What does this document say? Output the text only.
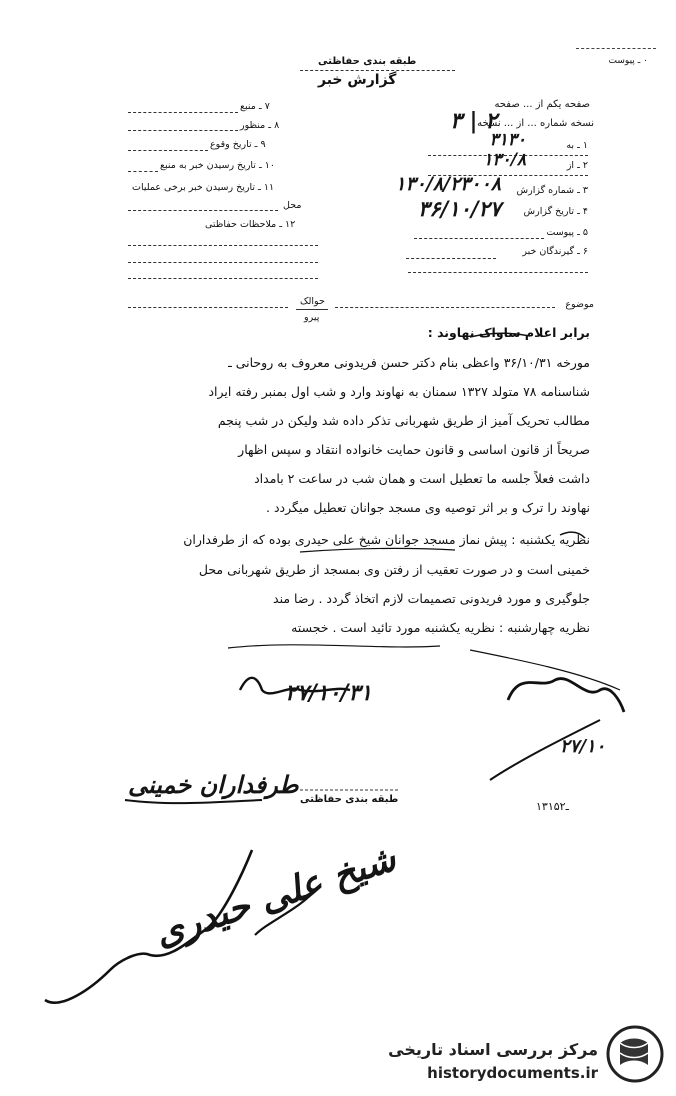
۰ ـ پیوست
طبقه بندی حفاظتی
گزارش خبر
صفحه یکم از ... صفحه
نسخه شماره ... از ... نسخه
۳ | ۲
۱ ـ به
۳۱۳۰
۲ ـ از
۱۳۰/۸
۳ ـ شماره گزارش
۱۳۰/۸/۲۳۰۰۸
۴ ـ تاریخ گزارش
۳۶/۱۰/۲۷
۵ ـ پیوست
۶ ـ گیرندگان خبر
۷ ـ منبع
۸ ـ منظور
۹ ـ تاریخ وقوع
۱۰ ـ تاریخ رسیدن خبر به منبع
۱۱ ـ تاریخ رسیدن خبر برخی عملیات
محل
۱۲ ـ ملاحظات حفاظتی
حوالک
پیرو
موضوع
برابر اعلام ساواک نهاوند :
مورخه ۳۶/۱۰/۳۱ واعظی بنام دکتر حسن فریدونی معروف به روحانی ـ
شناسنامه ۷۸ متولد ۱۳۲۷ سمنان به نهاوند وارد و شب اول بمنبر رفته ایراد
مطالب تحریک آمیز از طریق شهربانی تذکر داده شد ولیکن در شب پنجم
صریحاً از قانون اساسی و قانون حمایت خانواده انتقاد و سپس اظهار
داشت فعلاً جلسه ما تعطیل است و همان شب در ساعت ۲ بامداد
نهاوند را ترک و بر اثر توصیه وی مسجد جوانان تعطیل میگردد .
نظریه یکشنبه : پیش نماز مسجد جوانان شیخ علی حیدری بوده که از طرفداران
خمینی است و در صورت تعقیب از رفتن وی بمسجد از طریق شهربانی محل
جلوگیری و مورد فریدونی تصمیمات لازم اتخاذ گردد . رضا مند
نظریه چهارشنبه : نظریه یکشنبه مورد تائید است . خجسته
۲۷/۱۰/۳۱
۲۷/۱۰
طرفداران خمینی
شیخ علی حیدری
طبقه بندی حفاظتی
۱۳۱ـ۵۲
مرکز بررسی اسناد تاریخی
historydocuments.ir
